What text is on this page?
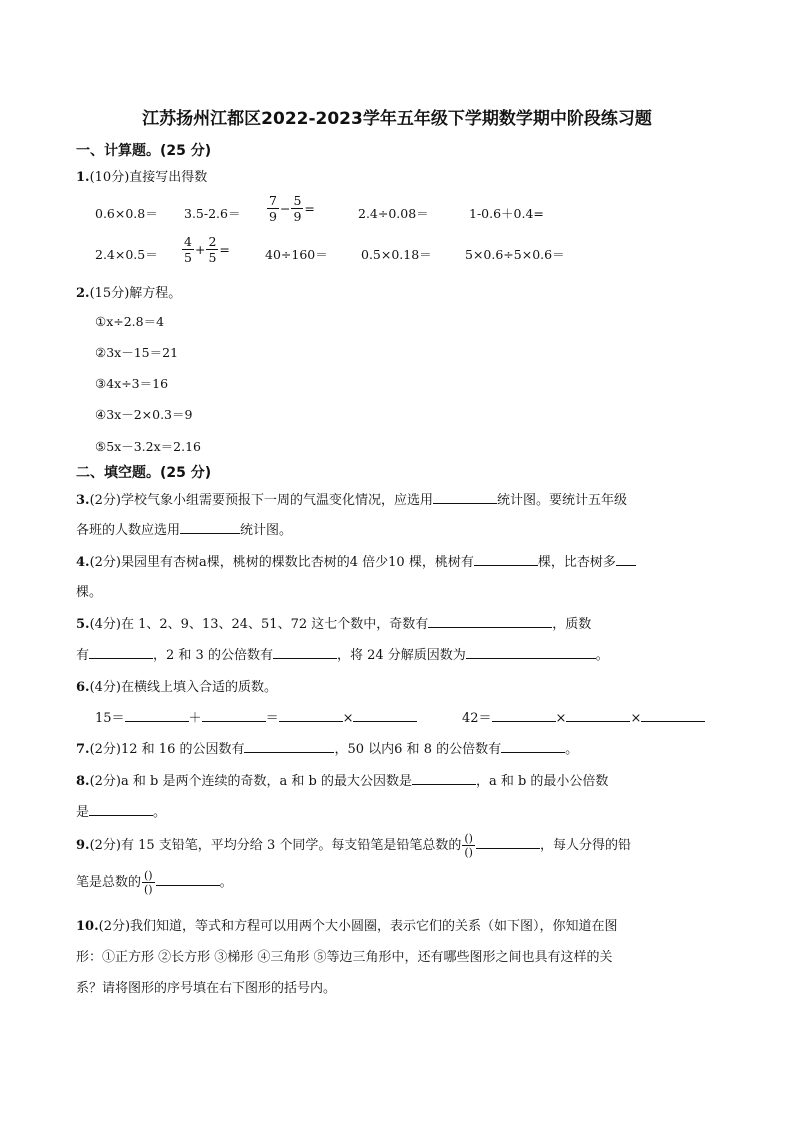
江苏扬州江都区2022-2023学年五年级下学期数学期中阶段练习题
一、计算题。(25 分)
1.(10分)直接写出得数
$0.6\times 0.8= 3.5-2.6= \frac{7}{9} - \frac{5}{9}$ =	2.4÷0.08＝	1-0.6＋0.4=
$2.4\times 0.5= \frac{4}{5} + \frac{2}{5}$ =	40÷160＝	0.5×0.18＝	5×0.6÷5×0.6＝
2.(15分)解方程。
①x÷2.8＝4
②3x－15＝21
③4x÷3＝16
④3x－2×0.3＝9
⑤5x－3.2x＝2.16
二、填空题。(25 分)
3.(2分)学校气象小组需要预报下一周的气温变化情况，应选用	统计图。要统计五年级
各班的人数应选用	统计图。
4.(2分)果园里有杏树a棵，桃树的棵数比杏树的4 倍少10 棵，桃树有	棵，比杏树多
棵。
5.(4分)在 1、2、9、13、24、51、72 这七个数中，奇数有	，质数
有	，2 和 3 的公倍数有	，将 24 分解质因数为	。
6.(4分)在横线上填入合适的质数。
15＝	＋	＝	×	42＝	×	×
7.(2分)12 和 16 的公因数有	，50 以内6 和 8 的公倍数有	。
8.(2分)a 和 b 是两个连续的奇数，a 和 b 的最大公因数是	，a 和 b 的最小公倍数
是	。
9.(2分)有 15 支铅笔，平均分给 3 个同学。每支铅笔是铅笔总数的 $\frac{()}{()}$	，每人分得的铅
笔是总数的 $\frac{()}{()}$	。
10.(2分)我们知道，等式和方程可以用两个大小圆圈，表示它们的关系（如下图），你知道在图
形：①正方形 ②长方形 ③梯形 ④三角形 ⑤等边三角形中，还有哪些图形之间也具有这样的关
系？请将图形的序号填在右下图形的括号内。
